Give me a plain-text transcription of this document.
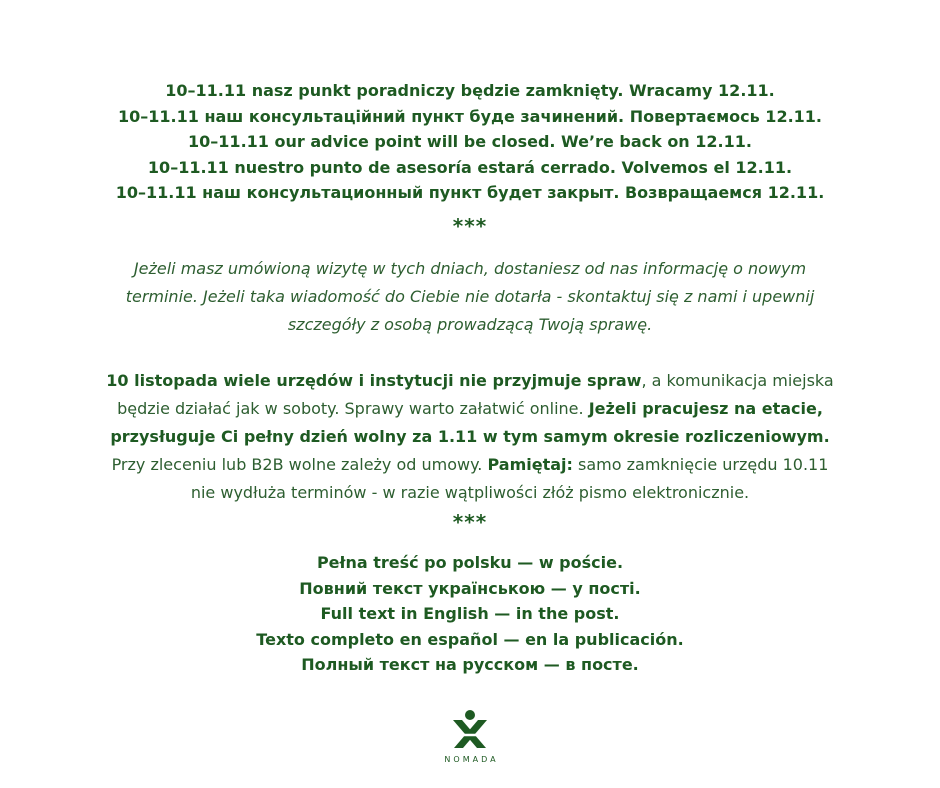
10–11.11 nasz punkt poradniczy będzie zamknięty. Wracamy 12.11.
10–11.11 наш консультаційний пункт буде зачинений. Повертаємось 12.11.
10–11.11 our advice point will be closed. We’re back on 12.11.
10–11.11 nuestro punto de asesoría estará cerrado. Volvemos el 12.11.
10–11.11 наш консультационный пункт будет закрыт. Возвращаемся 12.11.
***

Jeżeli masz umówioną wizytę w tych dniach, dostaniesz od nas informację o nowym

terminie. Jeżeli taka wiadomość do Ciebie nie dotarła - skontaktuj się z nami i upewnij

szczegóły z osobą prowadzącą Twoją sprawę.

10 listopada wiele urzędów i instytucji nie przyjmuje spraw, a komunikacja miejska
będzie działać jak w soboty. Sprawy warto załatwić online. Jeżeli pracujesz na etacie,
przysługuje Ci pełny dzień wolny za 1.11 w tym samym okresie rozliczeniowym.
Przy zleceniu lub B2B wolne zależy od umowy. Pamiętaj: samo zamknięcie urzędu 10.11
nie wydłuża terminów - w razie wątpliwości złóż pismo elektronicznie.
***
Pełna treść po polsku — w poście.
Повний текст українською — у пості.
Full text in English — in the post.
Texto completo en español — en la publicación.
Полный текст на русском — в посте.
NOMADA
